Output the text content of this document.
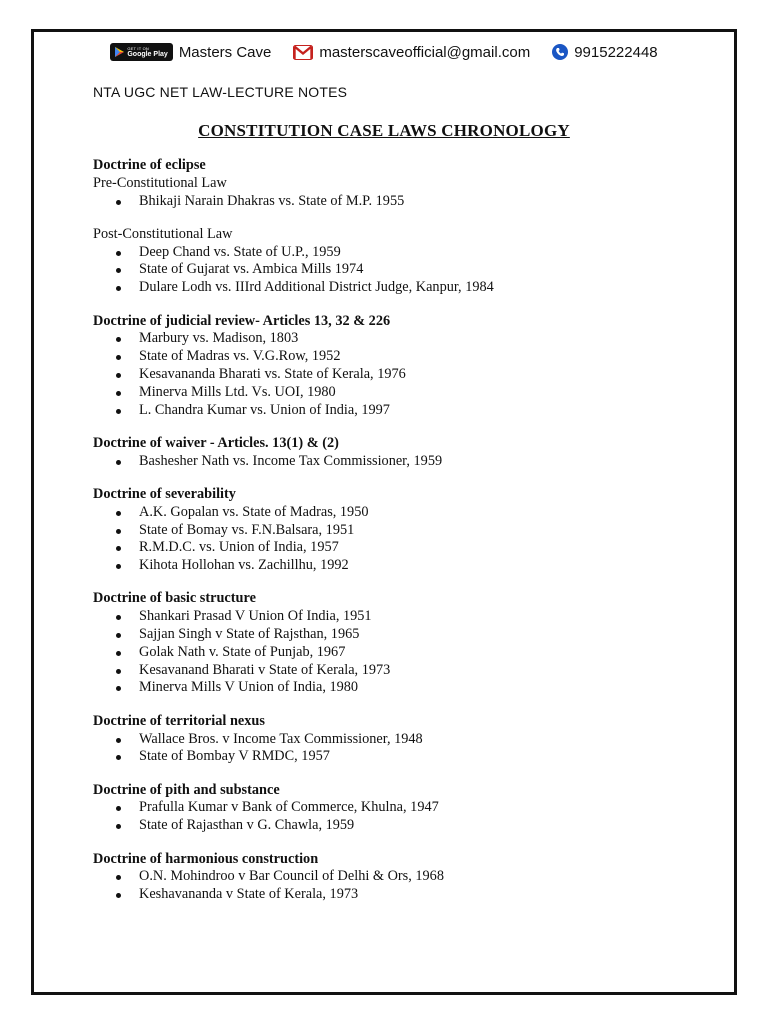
GET IT ON
Google Play Masters Cave	masterscaveofficial@gmail.com	9915222448
NTA UGC NET LAW-LECTURE NOTES
CONSTITUTION CASE LAWS CHRONOLOGY
Doctrine of eclipse
Pre-Constitutional Law
Bhikaji Narain Dhakras vs. State of M.P. 1955
Post-Constitutional Law
Deep Chand vs. State of U.P., 1959
State of Gujarat vs. Ambica Mills 1974
Dulare Lodh vs. IIIrd Additional District Judge, Kanpur, 1984
Doctrine of judicial review- Articles 13, 32 & 226
Marbury vs. Madison, 1803
State of Madras vs. V.G.Row, 1952
Kesavananda Bharati vs. State of Kerala, 1976
Minerva Mills Ltd. Vs. UOI, 1980
L. Chandra Kumar vs. Union of India, 1997
Doctrine of waiver - Articles. 13(1) & (2)
Bashesher Nath vs. Income Tax Commissioner, 1959
Doctrine of severability
A.K. Gopalan vs. State of Madras, 1950
State of Bomay vs. F.N.Balsara, 1951
R.M.D.C. vs. Union of India, 1957
Kihota Hollohan vs. Zachillhu, 1992
Doctrine of basic structure
Shankari Prasad V Union Of India, 1951
Sajjan Singh v State of Rajsthan, 1965
Golak Nath v. State of Punjab, 1967
Kesavanand Bharati v State of Kerala, 1973
Minerva Mills V Union of India, 1980
Doctrine of territorial nexus
Wallace Bros. v Income Tax Commissioner, 1948
State of Bombay V RMDC, 1957
Doctrine of pith and substance
Prafulla Kumar v Bank of Commerce, Khulna, 1947
State of Rajasthan v G. Chawla, 1959
Doctrine of harmonious construction
O.N. Mohindroo v Bar Council of Delhi & Ors, 1968
Keshavananda v State of Kerala, 1973
